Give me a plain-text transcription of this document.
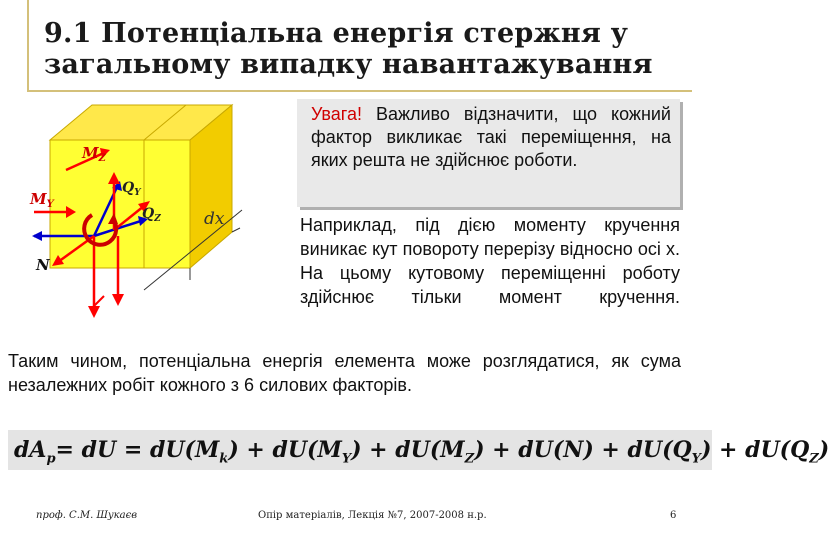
9.1 Потенціальна енергія стержня у загальному випадку навантажування
dx
$M_Z$
$M_Y$
$Q_Y$
$Q_Z$
N
Увага! Важливо відзначити, що кожний фактор викликає такі переміщення, на яких решта не здійснює роботи.
Наприклад, під дією моменту кручення виникає кут повороту перерізу відносно осі x. На цьому кутовому переміщенні роботу здійснює тільки момент кручення.
Таким чином, потенціальна енергія елемента може розглядатися, як сума незалежних робіт кожного з 6 силових факторів.
$dA_p=$ dU = $dU(M_k) + dU(M_Y) + dU(M_Z) + dU(N) + dU(Q_Y) + dU(Q_Z)$
проф. С.М. Шукаєв	Опір матеріалів, Лекція №7, 2007-2008 н.р.	6
